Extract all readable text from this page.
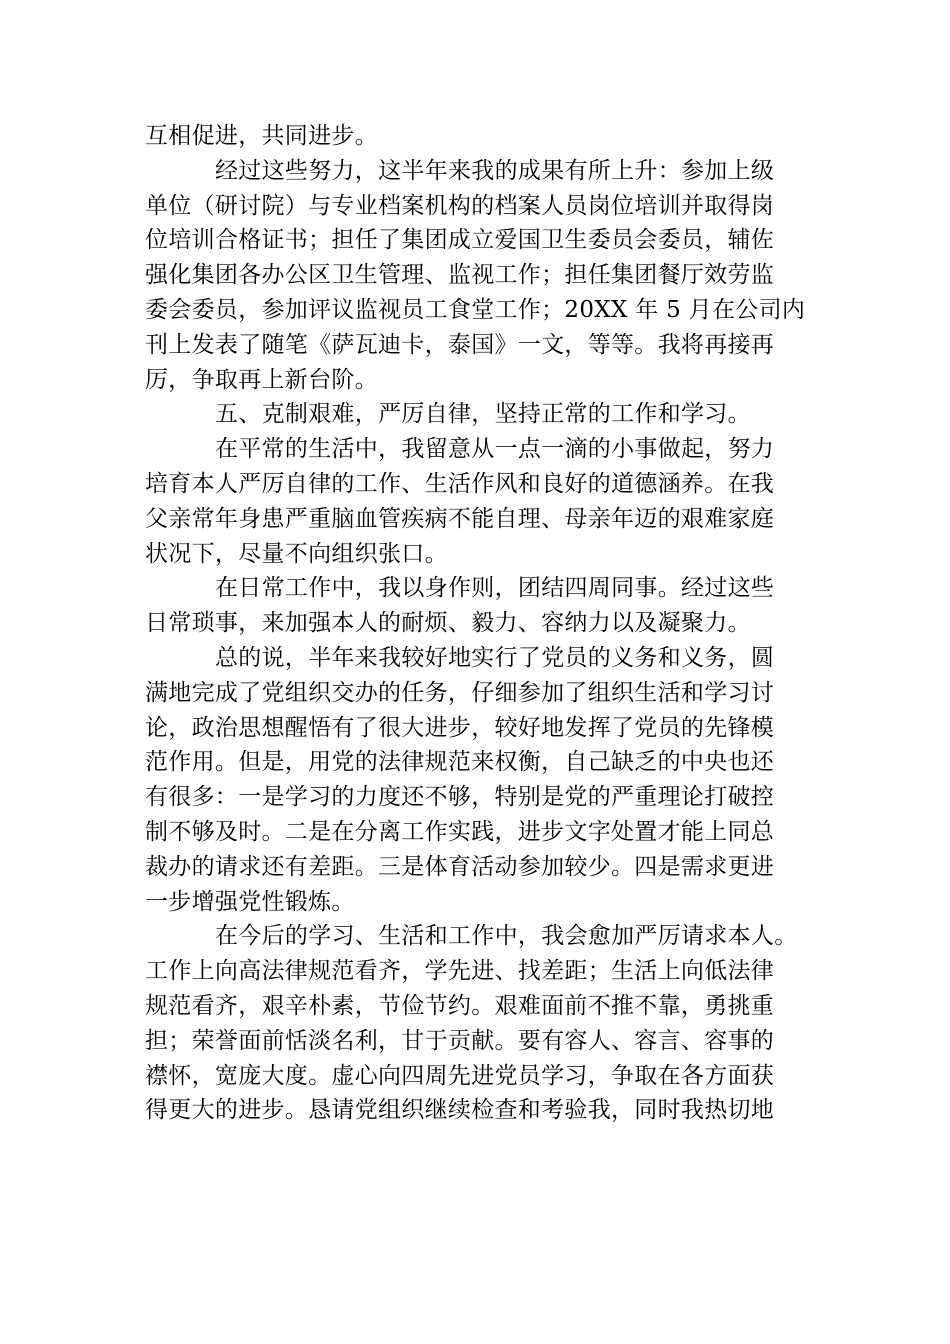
互相促进，共同进步。
经过这些努力，这半年来我的成果有所上升：参加上级
单位（研讨院）与专业档案机构的档案人员岗位培训并取得岗
位培训合格证书；担任了集团成立爱国卫生委员会委员，辅佐
强化集团各办公区卫生管理、监视工作；担任集团餐厅效劳监
委会委员，参加评议监视员工食堂工作；20XX 年 5 月在公司内
刊上发表了随笔《萨瓦迪卡，泰国》一文，等等。我将再接再
厉，争取再上新台阶。
五、克制艰难，严厉自律，坚持正常的工作和学习。
在平常的生活中，我留意从一点一滴的小事做起，努力
培育本人严厉自律的工作、生活作风和良好的道德涵养。在我
父亲常年身患严重脑血管疾病不能自理、母亲年迈的艰难家庭
状况下，尽量不向组织张口。
在日常工作中，我以身作则，团结四周同事。经过这些
日常琐事，来加强本人的耐烦、毅力、容纳力以及凝聚力。
总的说，半年来我较好地实行了党员的义务和义务，圆
满地完成了党组织交办的任务，仔细参加了组织生活和学习讨
论，政治思想醒悟有了很大进步，较好地发挥了党员的先锋模
范作用。但是，用党的法律规范来权衡，自己缺乏的中央也还
有很多：一是学习的力度还不够，特别是党的严重理论打破控
制不够及时。二是在分离工作实践，进步文字处置才能上同总
裁办的请求还有差距。三是体育活动参加较少。四是需求更进
一步增强党性锻炼。
在今后的学习、生活和工作中，我会愈加严厉请求本人。
工作上向高法律规范看齐，学先进、找差距；生活上向低法律
规范看齐，艰辛朴素，节俭节约。艰难面前不推不靠，勇挑重
担；荣誉面前恬淡名利，甘于贡献。要有容人、容言、容事的
襟怀，宽庞大度。虚心向四周先进党员学习，争取在各方面获
得更大的进步。恳请党组织继续检查和考验我，同时我热切地
